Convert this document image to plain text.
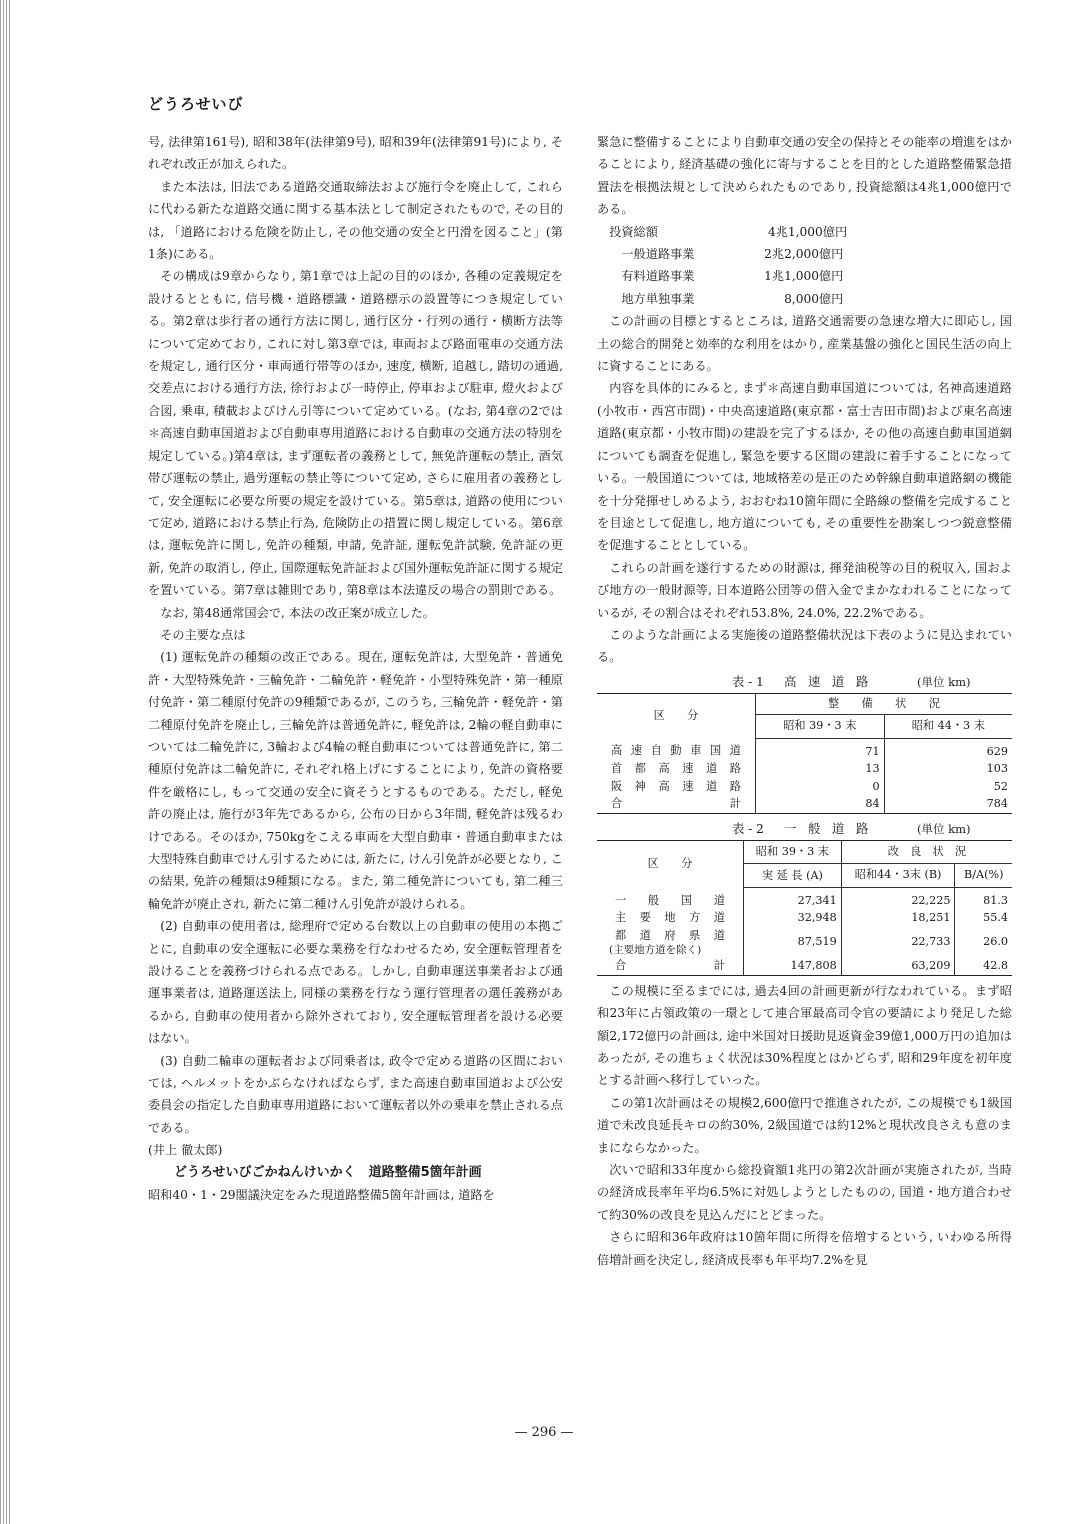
どうろせいび

号, 法律第161号), 昭和38年(法律第9号), 昭和39年(法律第91号)により, それぞれ改正が加えられた。

また本法は, 旧法である道路交通取締法および施行令を廃止して, これらに代わる新たな道路交通に関する基本法として制定されたもので, その目的は, 「道路における危険を防止し, その他交通の安全と円滑を図ること」(第1条)にある。

その構成は9章からなり, 第1章では上記の目的のほか, 各種の定義規定を設けるとともに, 信号機・道路標識・道路標示の設置等につき規定している。第2章は歩行者の通行方法に関し, 通行区分・行列の通行・横断方法等について定めており, これに対し第3章では, 車両および路面電車の交通方法を規定し, 通行区分・車両通行帯等のほか, 速度, 横断, 追越し, 踏切の通過, 交差点における通行方法, 徐行および一時停止, 停車および駐車, 燈火および合図, 乗車, 積載およびけん引等について定めている。(なお, 第4章の2では＊高速自動車国道および自動車専用道路における自動車の交通方法の特別を規定している。)第4章は, まず運転者の義務として, 無免許運転の禁止, 酒気帯び運転の禁止, 過労運転の禁止等について定め, さらに雇用者の義務として, 安全運転に必要な所要の規定を設けている。第5章は, 道路の使用について定め, 道路における禁止行為, 危険防止の措置に関し規定している。第6章は, 運転免許に関し, 免許の種類, 申請, 免許証, 運転免許試験, 免許証の更新, 免許の取消し, 停止, 国際運転免許証および国外運転免許証に関する規定を置いている。第7章は雑則であり, 第8章は本法違反の場合の罰則である。

なお, 第48通常国会で, 本法の改正案が成立した。

その主要な点は

(1) 運転免許の種類の改正である。現在, 運転免許は, 大型免許・普通免許・大型特殊免許・三輪免許・二輪免許・軽免許・小型特殊免許・第一種原付免許・第二種原付免許の9種類であるが, このうち, 三輪免許・軽免許・第二種原付免許を廃止し, 三輪免許は普通免許に, 軽免許は, 2輪の軽自動車については二輪免許に, 3輪および4輪の軽自動車については普通免許に, 第二種原付免許は二輪免許に, それぞれ格上げにすることにより, 免許の資格要件を厳格にし, もって交通の安全に資そうとするものである。ただし, 軽免許の廃止は, 施行が3年先であるから, 公布の日から3年間, 軽免許は残るわけである。そのほか, 750kgをこえる車両を大型自動車・普通自動車または大型特殊自動車でけん引するためには, 新たに, けん引免許が必要となり, この結果, 免許の種類は9種類になる。また, 第二種免許についても, 第二種三輪免許が廃止され, 新たに第二種けん引免許が設けられる。

(2) 自動車の使用者は, 総理府で定める台数以上の自動車の使用の本拠ごとに, 自動車の安全運転に必要な業務を行なわせるため, 安全運転管理者を設けることを義務づけられる点である。しかし, 自動車運送事業者および通運事業者は, 道路運送法上, 同様の業務を行なう運行管理者の選任義務があるから, 自動車の使用者から除外されており, 安全運転管理者を設ける必要はない。

(3) 自動二輪車の運転者および同乗者は, 政令で定める道路の区間においては, ヘルメットをかぶらなければならず, また高速自動車国道および公安委員会の指定した自動車専用道路において運転者以外の乗車を禁止される点である。

(井上 徹太郎)

どうろせいびごかねんけいかく　道路整備5箇年計画

昭和40・1・29閣議決定をみた現道路整備5箇年計画は, 道路を

緊急に整備することにより自動車交通の安全の保持とその能率の増進をはかることにより, 経済基礎の強化に寄与することを目的とした道路整備緊急措置法を根拠法規として決められたものであり, 投資総額は4兆1,000億円である。

投資総額	4兆1,000億円
一般道路事業	2兆2,000億円
有料道路事業	1兆1,000億円
地方単独事業	8,000億円

この計画の目標とするところは, 道路交通需要の急速な増大に即応し, 国土の総合的開発と効率的な利用をはかり, 産業基盤の強化と国民生活の向上に資することにある。

内容を具体的にみると, まず＊高速自動車国道については, 名神高速道路(小牧市・西宮市間)・中央高速道路(東京都・富士吉田市間)および東名高速道路(東京都・小牧市間)の建設を完了するほか, その他の高速自動車国道網についても調査を促進し, 緊急を要する区間の建設に着手することになっている。一般国道については, 地域格差の是正のため幹線自動車道路網の機能を十分発揮せしめるよう, おおむね10箇年間に全路線の整備を完成することを目途として促進し, 地方道についても, その重要性を勘案しつつ鋭意整備を促進することとしている。

これらの計画を遂行するための財源は, 揮発油税等の目的税収入, 国および地方の一般財源等, 日本道路公団等の借入金でまかなわれることになっているが, その割合はそれぞれ53.8%, 24.0%, 22.2%である。

このような計画による実施後の道路整備状況は下表のように見込まれている。

表-1　高 速 道 路	(単位 km)
区　　分	整　　備　　状　　況	
	昭和 39・3 末	昭和 44・3 末
高速自動車国道	71	629
首都高速道路	13	103
阪神高速道路	0	52
合計	84	784
表-2　一 般 道 路	(単位 km)
区　　分	昭和 39・3 末	改　良　状　況	
	実 延 長 (A)	昭和44・3末 (B)	B/A(%)

一般国道	27,341	22,225	81.3

主要地方道	32,948	18,251	55.4

都道府県道
(主要地方道を除く)	87,519	22,733	26.0

合計	147,808	63,209	42.8

この規模に至るまでには, 過去4回の計画更新が行なわれている。まず昭和23年に占領政策の一環として連合軍最高司令官の要請により発足した総額2,172億円の計画は, 途中米国対日援助見返資金39億1,000万円の追加はあったが, その進ちょく状況は30%程度とはかどらず, 昭和29年度を初年度とする計画へ移行していった。

この第1次計画はその規模2,600億円で推進されたが, この規模でも1級国道で未改良延長キロの約30%, 2級国道では約12%と現状改良さえも意のままにならなかった。

次いで昭和33年度から総投資額1兆円の第2次計画が実施されたが, 当時の経済成長率年平均6.5%に対処しようとしたものの, 国道・地方道合わせて約30%の改良を見込んだにとどまった。

さらに昭和36年政府は10箇年間に所得を倍増するという, いわゆる所得倍増計画を決定し, 経済成長率も年平均7.2%を見

— 296 —
